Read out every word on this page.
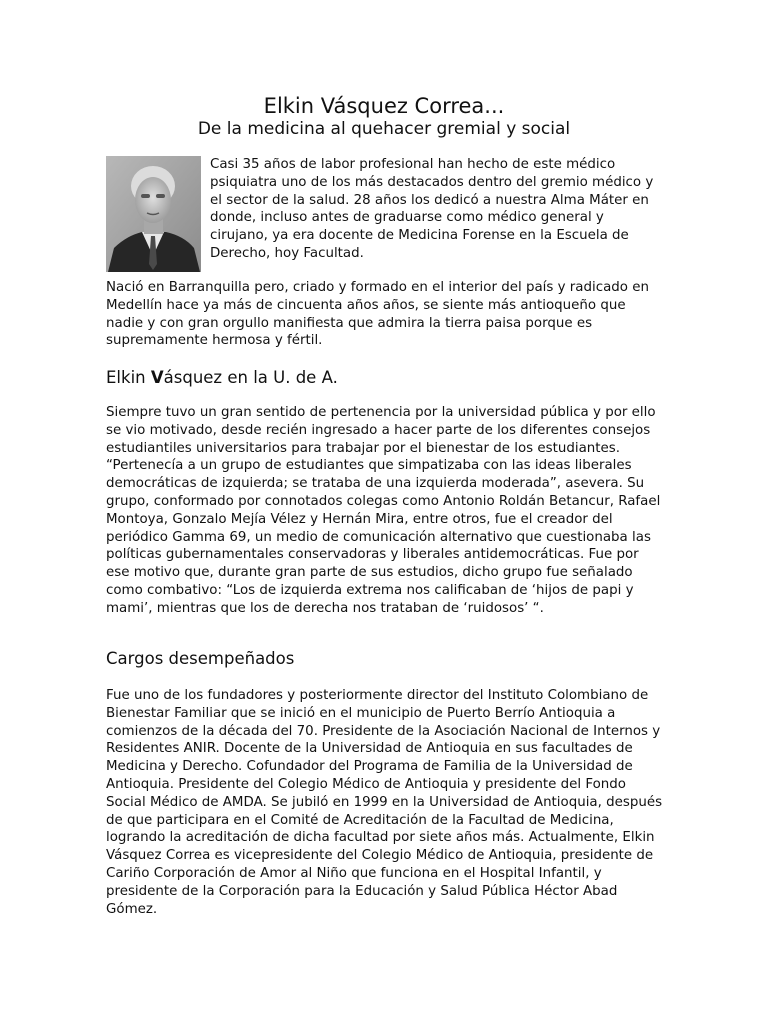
Elkin Vásquez Correa...
De la medicina al quehacer gremial y social

Casi 35 años de labor profesional han hecho de este médico psiquiatra uno de los más destacados dentro del gremio médico y el sector de la salud. 28 años los dedicó a nuestra Alma Máter en donde, incluso antes de graduarse como médico general y cirujano, ya era docente de Medicina Forense en la Escuela de Derecho, hoy Facultad.

Nació en Barranquilla pero, criado y formado en el interior del país y radicado en Medellín hace ya más de cincuenta años años, se siente más antioqueño que nadie y con gran orgullo manifiesta que admira la tierra paisa porque es supremamente hermosa y fértil.

Elkin Vásquez en la U. de A.

Siempre tuvo un gran sentido de pertenencia por la universidad pública y por ello se vio motivado, desde recién ingresado a hacer parte de los diferentes consejos estudiantiles universitarios para trabajar por el bienestar de los estudiantes. “Pertenecía a un grupo de estudiantes que simpatizaba con las ideas liberales democráticas de izquierda; se trataba de una izquierda moderada”, asevera. Su grupo, conformado por connotados colegas como Antonio Roldán Betancur, Rafael Montoya, Gonzalo Mejía Vélez y Hernán Mira, entre otros, fue el creador del periódico Gamma 69, un medio de comunicación alternativo que cuestionaba las políticas gubernamentales conservadoras y liberales antidemocráticas. Fue por ese motivo que, durante gran parte de sus estudios, dicho grupo fue señalado como combativo: “Los de izquierda extrema nos calificaban de ‘hijos de papi y mami’, mientras que los de derecha nos trataban de ‘ruidosos’ “.

Cargos desempeñados

Fue uno de los fundadores y posteriormente director del Instituto Colombiano de Bienestar Familiar que se inició en el municipio de Puerto Berrío Antioquia a comienzos de la década del 70. Presidente de la Asociación Nacional de Internos y Residentes ANIR. Docente de la Universidad de Antioquia en sus facultades de Medicina y Derecho. Cofundador del Programa de Familia de la Universidad de Antioquia. Presidente del Colegio Médico de Antioquia y presidente del Fondo Social Médico de AMDA. Se jubiló en 1999 en la Universidad de Antioquia, después de que participara en el Comité de Acreditación de la Facultad de Medicina, logrando la acreditación de dicha facultad por siete años más. Actualmente, Elkin Vásquez Correa es vicepresidente del Colegio Médico de Antioquia, presidente de Cariño Corporación de Amor al Niño que funciona en el Hospital Infantil, y presidente de la Corporación para la Educación y Salud Pública Héctor Abad Gómez.
